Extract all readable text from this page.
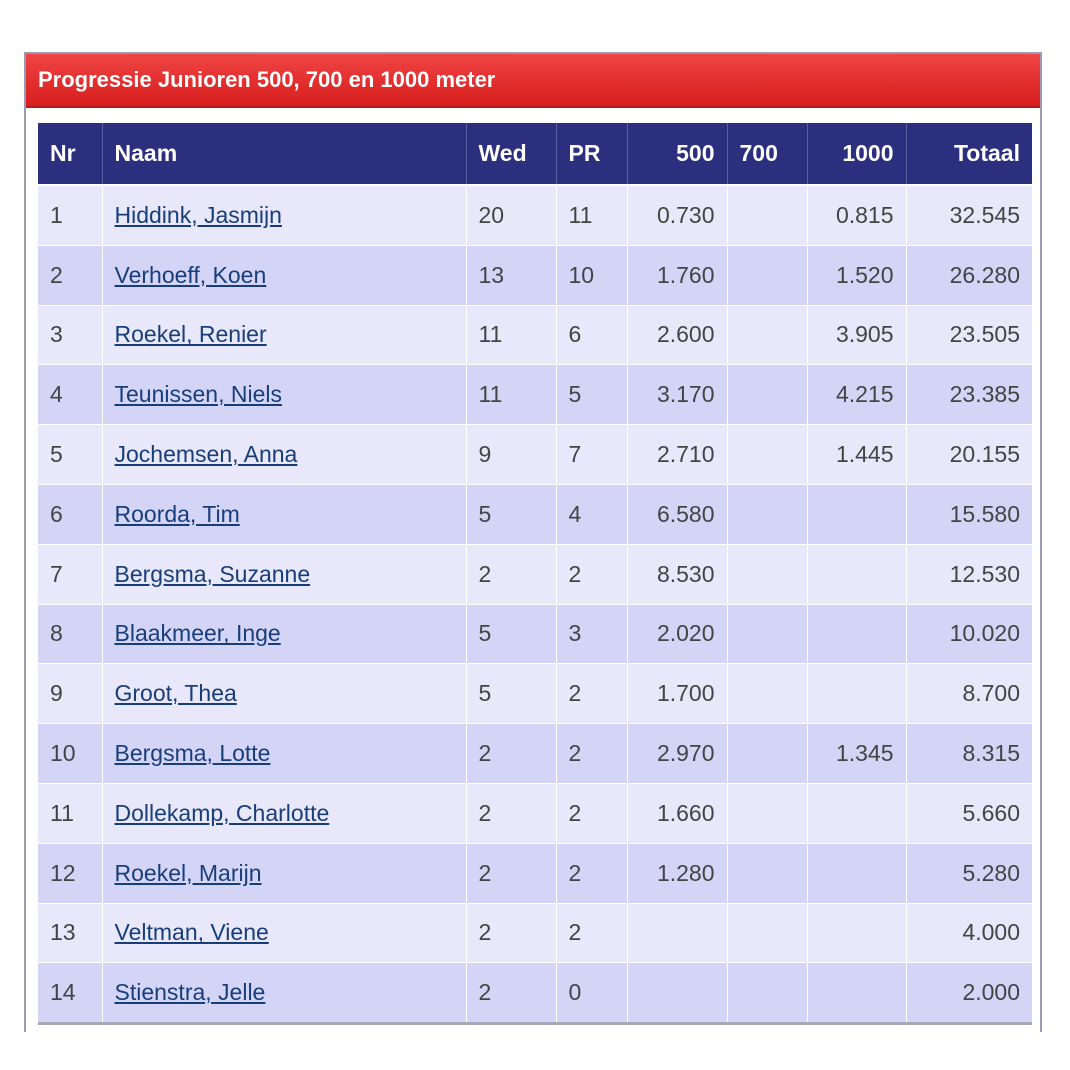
Progressie Junioren 500, 700 en 1000 meter
Nr	Naam	Wed	PR	500	700	1000	Totaal
1	Hiddink, Jasmijn	20	11	0.730		0.815	32.545
2	Verhoeff, Koen	13	10	1.760		1.520	26.280
3	Roekel, Renier	11	6	2.600		3.905	23.505
4	Teunissen, Niels	11	5	3.170		4.215	23.385
5	Jochemsen, Anna	9	7	2.710		1.445	20.155
6	Roorda, Tim	5	4	6.580			15.580
7	Bergsma, Suzanne	2	2	8.530			12.530
8	Blaakmeer, Inge	5	3	2.020			10.020
9	Groot, Thea	5	2	1.700			8.700
10	Bergsma, Lotte	2	2	2.970		1.345	8.315
11	Dollekamp, Charlotte	2	2	1.660			5.660
12	Roekel, Marijn	2	2	1.280			5.280
13	Veltman, Viene	2	2				4.000
14	Stienstra, Jelle	2	0				2.000
